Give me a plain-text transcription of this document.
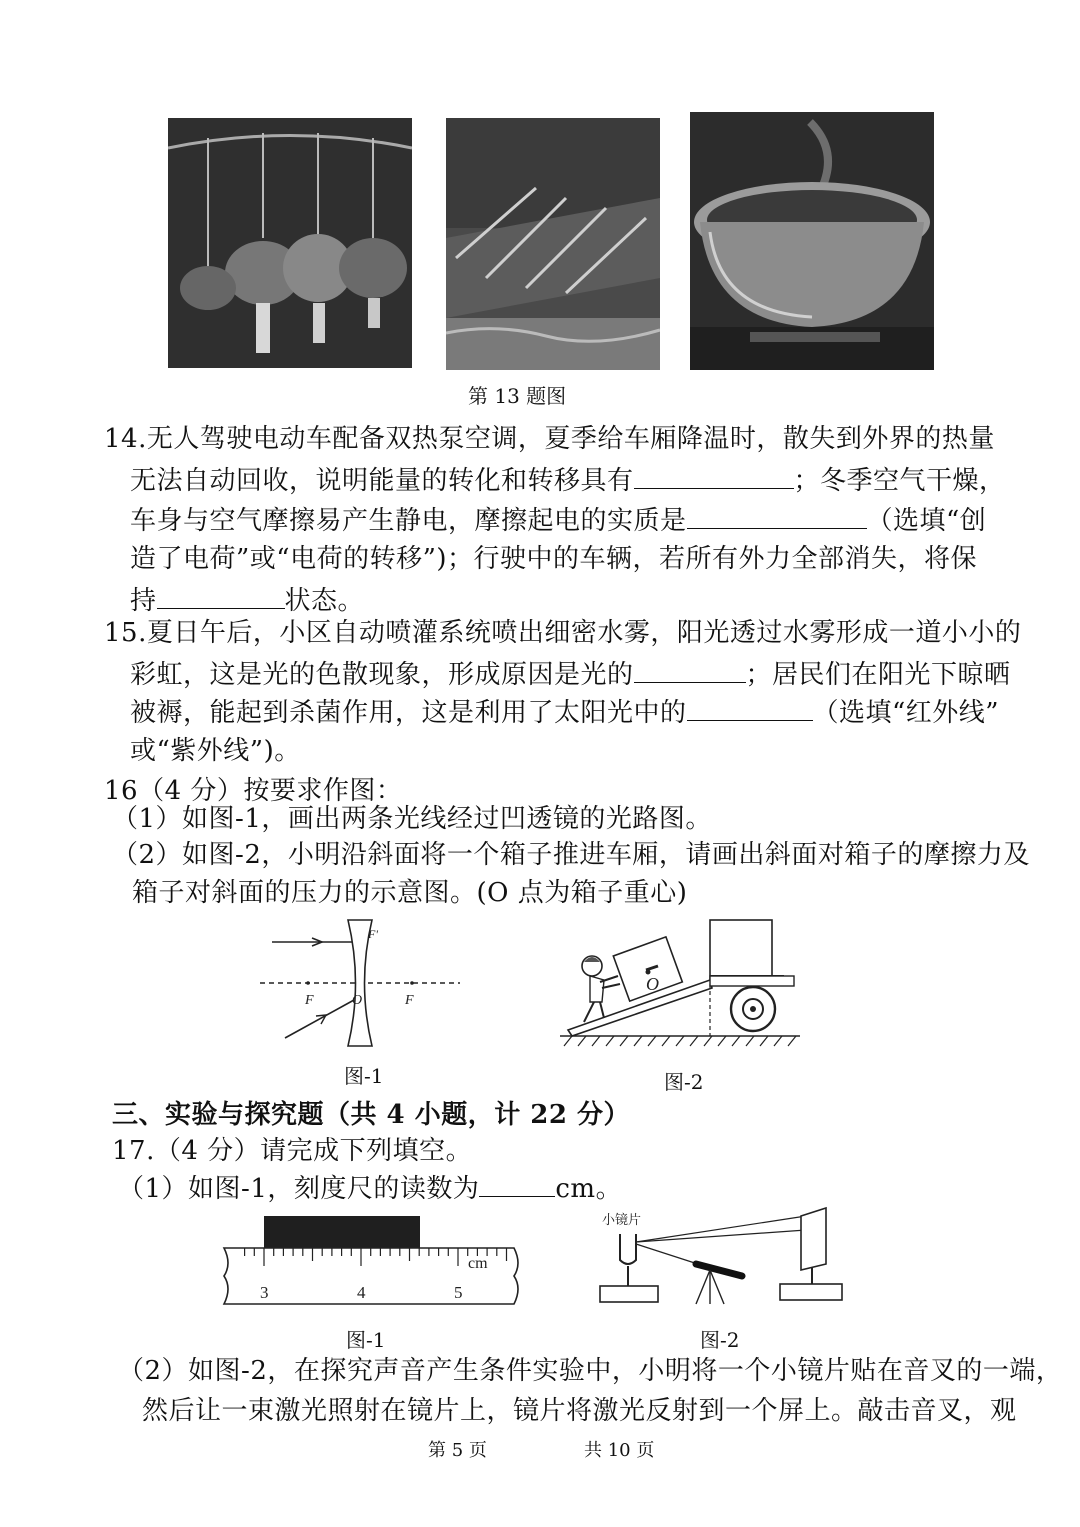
第 13 题图
14.无人驾驶电动车配备双热泵空调，夏季给车厢降温时，散失到外界的热量
无法自动回收，说明能量的转化和转移具有	；冬季空气干燥，
车身与空气摩擦易产生静电，摩擦起电的实质是	（选填“创
造了电荷”或“电荷的转移”)；行驶中的车辆，若所有外力全部消失，将保
持	状态。
15.夏日午后，小区自动喷灌系统喷出细密水雾，阳光透过水雾形成一道小小的
彩虹，这是光的色散现象，形成原因是光的	；居民们在阳光下晾晒
被褥，能起到杀菌作用，这是利用了太阳光中的	（选填“红外线”
或“紫外线”)。
16（4 分）按要求作图：
（1）如图-1，画出两条光线经过凹透镜的光路图。
（2）如图-2，小明沿斜面将一个箱子推进车厢，请画出斜面对箱子的摩擦力及
箱子对斜面的压力的示意图。(O 点为箱子重心)
F'
F	O	F
图-1
O
图-2
三、实验与探究题（共 4 小题，计 22 分）
17.（4 分）请完成下列填空。
（1）如图-1，刻度尺的读数为	cm。
cm
3	4	5
图-1
小镜片
图-2
（2）如图-2，在探究声音产生条件实验中，小明将一个小镜片贴在音叉的一端，
然后让一束激光照射在镜片上，镜片将激光反射到一个屏上。敲击音叉，观
第 5 页	共 10 页
